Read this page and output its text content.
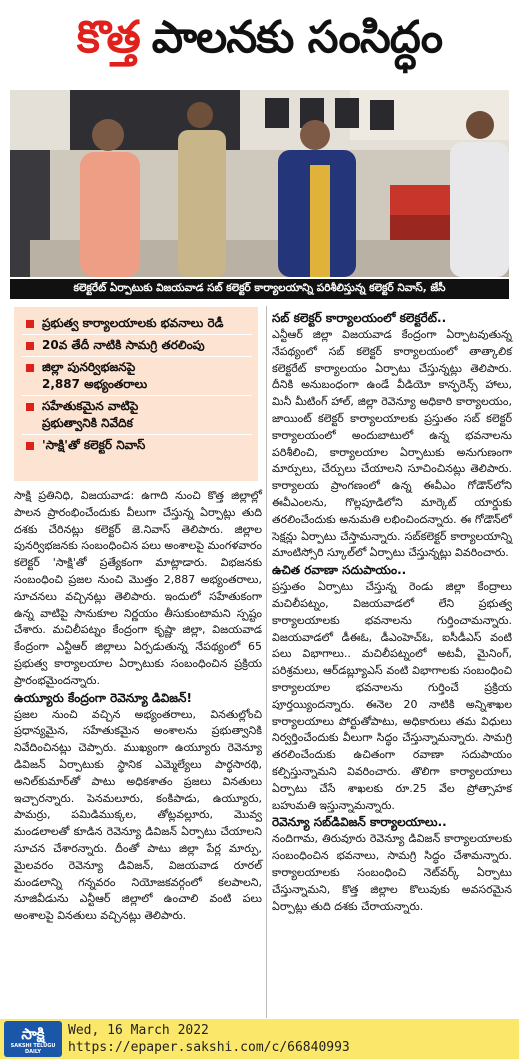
కొత్త పాలనకు సంసిద్ధం
కలెక్టరేట్ ఏర్పాటుకు విజయవాడ సబ్ కలెక్టర్ కార్యాలయాన్ని పరిశీలిస్తున్న కలెక్టర్ నివాస్, జేసీ
ప్రభుత్వ కార్యాలయాలకు భవనాలు రెడీ
20వ తేదీ నాటికి సామగ్రి తరలింపు
జిల్లా పునర్విభజనపై
2,887 అభ్యంతరాలు
సహేతుకమైన వాటిపై
ప్రభుత్వానికి నివేదిక
'సాక్షి'తో కలెక్టర్ నివాస్

సాక్షి ప్రతినిధి, విజయవాడ: ఉగాది నుంచి కొత్త జిల్లాల్లో పాలన ప్రారంభించేందుకు వీలుగా చేస్తున్న ఏర్పాట్లు తుది దశకు చేరినట్లు కలెక్టర్ జె.నివాస్ తెలిపారు. జిల్లాల పునర్విభజనకు సంబంధించిన పలు అంశాలపై మంగళవారం కలెక్టర్ 'సాక్షి'తో ప్రత్యేకంగా మాట్లాడారు. విభజనకు సంబంధించి ప్రజల నుంచి మొత్తం 2,887 అభ్యంతరాలు, సూచనలు వచ్చినట్లు తెలిపారు. ఇందులో సహేతుకంగా ఉన్న వాటిపై సానుకూల నిర్ణయం తీసుకుంటామని స్పష్టం చేశారు. మచిలీపట్నం కేంద్రంగా కృష్ణా జిల్లా, విజయవాడ కేంద్రంగా ఎన్టీఆర్ జిల్లాలు ఏర్పడుతున్న నేపథ్యంలో 65 ప్రభుత్వ కార్యాలయాల ఏర్పాటుకు సంబంధించిన ప్రక్రియ ప్రారంభమైందన్నారు.

ఉయ్యూరు కేంద్రంగా రెవెన్యూ డివిజన్!

ప్రజల నుంచి వచ్చిన అభ్యంతరాలు, వినతుల్లోంచి ప్రధాన్యమైన, సహేతుకమైన అంశాలను ప్రభుత్వానికి నివేదించినట్లు చెప్పారు. ముఖ్యంగా ఉయ్యూరు రెవెన్యూ డివిజన్ ఏర్పాటుకు స్థానిక ఎమ్మెల్యేలు పార్థసారథి, అనిల్‌కుమార్‌తో పాటు అధికశాతం ప్రజలు వినతులు ఇచ్చారన్నారు. పెనమలూరు, కంకిపాడు, ఉయ్యూరు, పామర్రు, పమిడిముక్కల, తోట్లవల్లూరు, మొవ్వ మండలాలతో కూడిన రెవెన్యూ డివిజన్ ఏర్పాటు చేయాలని సూచన చేశారన్నారు. దీంతో పాటు జిల్లా పేర్ల మార్పు, మైలవరం రెవెన్యూ డివిజన్, విజయవాడ రూరల్ మండలాన్ని గన్నవరం నియోజకవర్గంలో కలపాలని, నూజివీడును ఎన్టీఆర్ జిల్లాలో ఉంచాలి వంటి పలు అంశాలపై వినతులు వచ్చినట్లు తెలిపారు.

సబ్ కలెక్టర్ కార్యాలయంలో కలెక్టరేట్..

ఎన్టీఆర్ జిల్లా విజయవాడ కేంద్రంగా ఏర్పాటవుతున్న నేపథ్యంలో సబ్ కలెక్టర్ కార్యాలయంలో తాత్కాలిక కలెక్టరేట్ కార్యాలయం ఏర్పాటు చేస్తున్నట్లు తెలిపారు. దీనికి అనుబంధంగా ఉండే వీడియో కాన్ఫరెన్స్ హాలు, మినీ మీటింగ్ హాల్, జిల్లా రెవెన్యూ అధికారి కార్యాలయం, జాయింట్ కలెక్టర్ కార్యాలయాలకు ప్రస్తుతం సబ్ కలెక్టర్ కార్యాలయంలో అందుబాటులో ఉన్న భవనాలను పరిశీలించి, కార్యాలయాల ఏర్పాటుకు అనుగుణంగా మార్పులు, చేర్పులు చేయాలని సూచించినట్లు తెలిపారు. కార్యాలయ ప్రాంగణంలో ఉన్న ఈవీఎం గోడౌన్‌లోని ఈవీఎంలను, గొల్లపూడిలోని మార్కెట్ యార్డుకు తరలించేందుకు అనుమతి లభించిందన్నారు. ఈ గోడౌన్‌లో సెక్షన్లు ఏర్పాటు చేస్తామన్నారు. సబ్‌కలెక్టర్ కార్యాలయాన్ని మాంటిస్సోరి స్కూల్‌లో ఏర్పాటు చేస్తున్నట్లు వివరించారు.

ఉచిత రవాణా సదుపాయం..

ప్రస్తుతం ఏర్పాటు చేస్తున్న రెండు జిల్లా కేంద్రాలు మచిలీపట్నం, విజయవాడలో లేని ప్రభుత్వ కార్యాలయాలకు భవనాలను గుర్తించామన్నారు. విజయవాడలో డీఈఓ, డీఎంహెచ్ఓ, ఐసీడీఎస్ వంటి పలు విభాగాలు.. మచిలీపట్నంలో అటవీ, మైనింగ్, పరిశ్రమలు, ఆర్‌డబ్ల్యూఎస్ వంటి విభాగాలకు సంబంధించి కార్యాలయాల భవనాలను గుర్తించే ప్రక్రియ పూర్తయ్యిందన్నారు. ఈనెల 20 నాటికి అన్నిశాఖల కార్యాలయాలు పోర్టుతోపాటు, అధికారులు తమ విధులు నిర్వర్తించేందుకు వీలుగా సిద్ధం చేస్తున్నామన్నారు. సామగ్రి తరలించేందుకు ఉచితంగా రవాణా సదుపాయం కల్పిస్తున్నామని వివరించారు. తొలిగా కార్యాలయాలు ఏర్పాటు చేసే శాఖలకు రూ.25 వేల ప్రోత్సాహక బహుమతి ఇస్తున్నామన్నారు.

రెవెన్యూ సబ్‌డివిజన్ కార్యాలయాలు..

నందిగామ, తిరువూరు రెవెన్యూ డివిజన్ కార్యాలయాలకు సంబంధించిన భవనాలు, సామగ్రి సిద్ధం చేశామన్నారు. కార్యాలయాలకు సంబంధించి నెట్‌వర్క్ ఏర్పాటు చేస్తున్నామని, కొత్త జిల్లాల కొలువుకు అవసరమైన ఏర్పాట్లు తుది దశకు చేరాయన్నారు.

సాక్షి
SAKSHI TELUGU DAILY
Wed, 16 March 2022
https://epaper.sakshi.com/c/66840993
